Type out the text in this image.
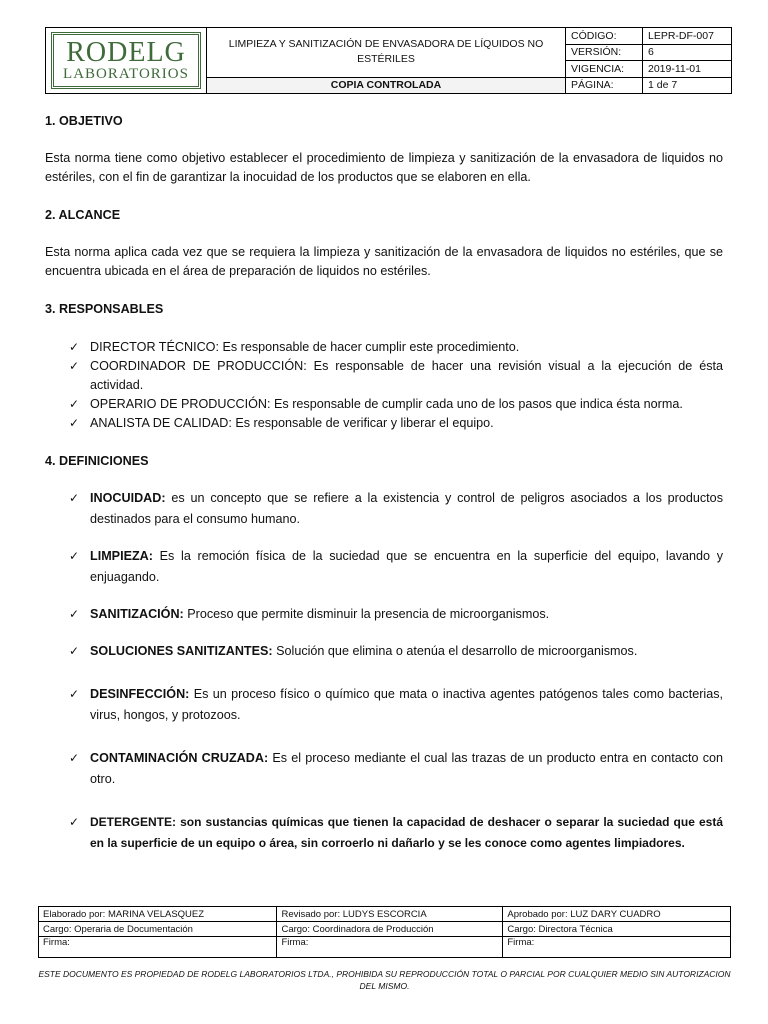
RODELG
LABORATORIOS	LIMPIEZA Y SANITIZACIÓN DE ENVASADORA DE LÍQUIDOS NO ESTÉRILES	CÓDIGO:	LEPR-DF-007
		VERSIÓN:	6
		VIGENCIA:	2019-11-01
	COPIA CONTROLADA	PÁGINA:	1 de 7
1. OBJETIVO

Esta norma tiene como objetivo establecer el procedimiento de limpieza y sanitización de la envasadora de liquidos no estériles, con el fin de garantizar la inocuidad de los productos que se elaboren en ella.

2. ALCANCE

Esta norma aplica cada vez que se requiera la limpieza y sanitización de la envasadora de liquidos no estériles, que se encuentra ubicada en el área de preparación de liquidos no estériles.

3. RESPONSABLES
✓ DIRECTOR TÉCNICO: Es responsable de hacer cumplir este procedimiento.
✓ COORDINADOR DE PRODUCCIÓN: Es responsable de hacer una revisión visual a la ejecución de ésta actividad.
✓ OPERARIO DE PRODUCCIÓN: Es responsable de cumplir cada uno de los pasos que indica ésta norma.
✓ ANALISTA DE CALIDAD: Es responsable de verificar y liberar el equipo.
4. DEFINICIONES
✓ INOCUIDAD: es un concepto que se refiere a la existencia y control de peligros asociados a los productos destinados para el consumo humano.
✓ LIMPIEZA: Es la remoción física de la suciedad que se encuentra en la superficie del equipo, lavando y enjuagando.
✓ SANITIZACIÓN: Proceso que permite disminuir la presencia de microorganismos.
✓ SOLUCIONES SANITIZANTES: Solución que elimina o atenúa el desarrollo de microorganismos.
✓ DESINFECCIÓN: Es un proceso físico o químico que mata o inactiva agentes patógenos tales como bacterias, virus, hongos, y protozoos.
✓ CONTAMINACIÓN CRUZADA: Es el proceso mediante el cual las trazas de un producto entra en contacto con otro.
✓ DETERGENTE: son sustancias químicas que tienen la capacidad de deshacer o separar la suciedad que está en la superficie de un equipo o área, sin corroerlo ni dañarlo y se les conoce como agentes limpiadores.
Elaborado por: MARINA VELASQUEZ	Revisado por: LUDYS ESCORCIA	Aprobado por: LUZ DARY CUADRO
Cargo: Operaria de Documentación	Cargo: Coordinadora de Producción	Cargo: Directora Técnica
Firma:	Firma:	Firma:
ESTE DOCUMENTO ES PROPIEDAD DE RODELG LABORATORIOS LTDA., PROHIBIDA SU REPRODUCCIÓN TOTAL O PARCIAL POR CUALQUIER MEDIO SIN AUTORIZACION DEL MISMO.
